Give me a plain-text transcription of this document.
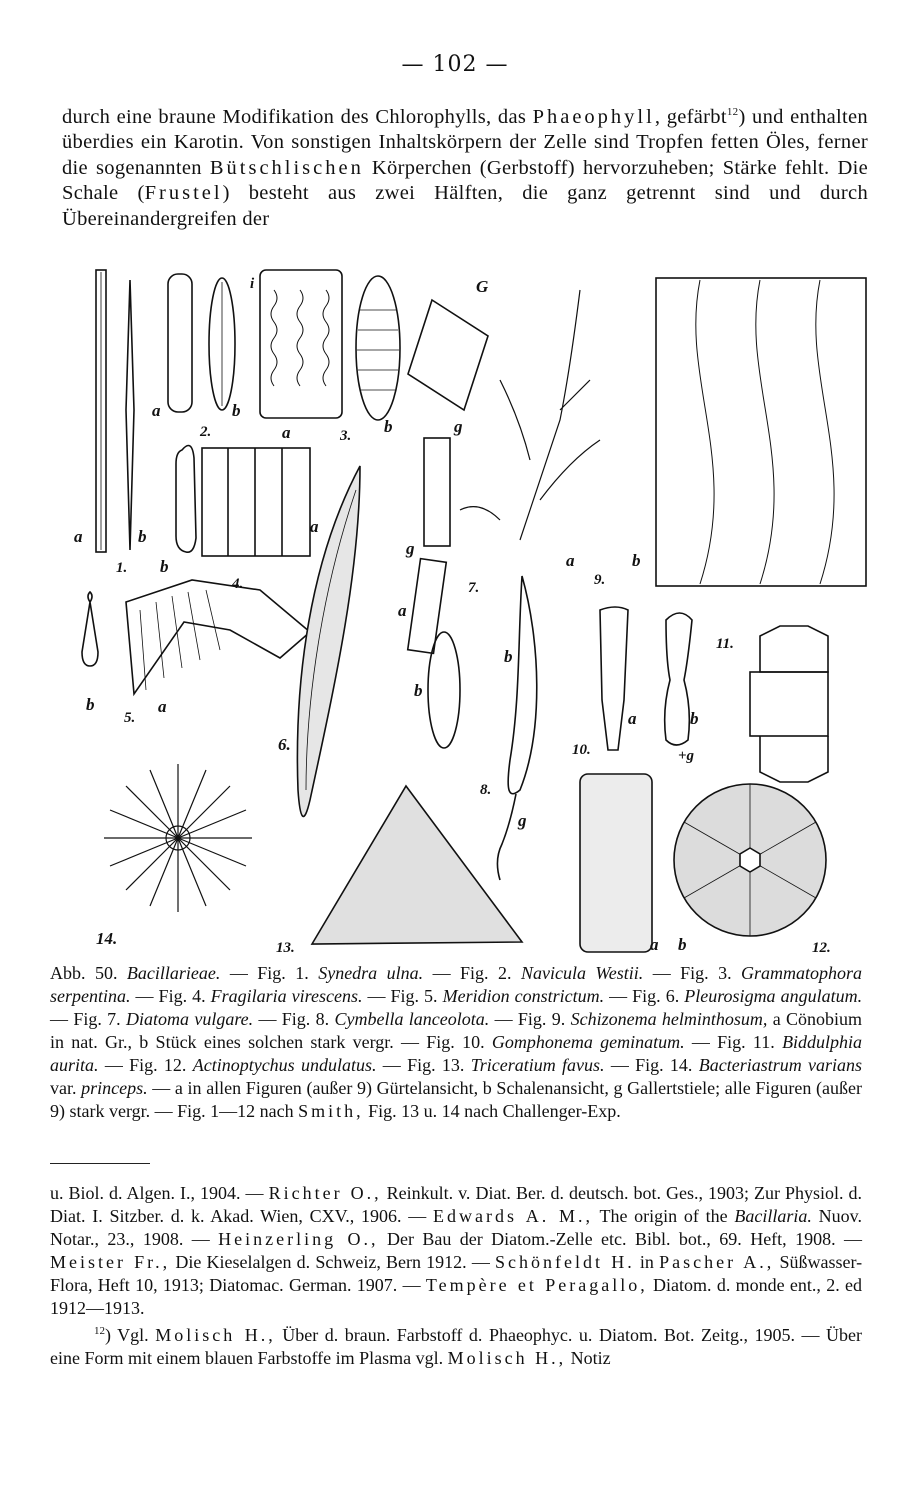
— 102 —
durch eine braune Modifikation des Chlorophylls, das Phaeophyll, gefärbt$^{12}$) und enthalten überdies ein Karotin. Von sonstigen Inhaltskörpern der Zelle sind Tropfen fetten Öles, ferner die sogenannten Bütschlischen Körperchen (Gerbstoff) hervorzuheben; Stärke fehlt. Die Schale (Frustel) besteht aus zwei Hälften, die ganz getrennt sind und durch Übereinandergreifen der
1.
a	b
2.
a	b
3.
a	b
i
4.
b
a
5.
b	a
6.
7.
g
a
b
g
G
8.
b
g
9.
a	b
10.
a	b
+g
11.
12.
a b
13.
14.
Abb. 50. Bacillarieae. — Fig. 1. Synedra ulna. — Fig. 2. Navicula Westii. — Fig. 3. Grammatophora serpentina. — Fig. 4. Fragilaria virescens. — Fig. 5. Meridion constrictum. — Fig. 6. Pleurosigma angulatum. — Fig. 7. Diatoma vulgare. — Fig. 8. Cymbella lanceolota. — Fig. 9. Schizonema helminthosum, a Cönobium in nat. Gr., b Stück eines solchen stark vergr. — Fig. 10. Gomphonema geminatum. — Fig. 11. Biddulphia aurita. — Fig. 12. Actinoptychus undulatus. — Fig. 13. Triceratium favus. — Fig. 14. Bacteriastrum varians var. princeps. — a in allen Figuren (außer 9) Gürtelansicht, b Schalenansicht, g Gallertstiele; alle Figuren (außer 9) stark vergr. — Fig. 1—12 nach Smith, Fig. 13 u. 14 nach Challenger-Exp.

u. Biol. d. Algen. I., 1904. — Richter O., Reinkult. v. Diat. Ber. d. deutsch. bot. Ges., 1903; Zur Physiol. d. Diat. I. Sitzber. d. k. Akad. Wien, CXV., 1906. — Edwards A. M., The origin of the Bacillaria. Nuov. Notar., 23., 1908. — Heinzerling O., Der Bau der Diatom.-Zelle etc. Bibl. bot., 69. Heft, 1908. — Meister Fr., Die Kieselalgen d. Schweiz, Bern 1912. — Schönfeldt H. in Pascher A., Süßwasser-Flora, Heft 10, 1913; Diatomac. German. 1907. — Tempère et Peragallo, Diatom. d. monde ent., 2. ed 1912—1913.

$^{12}$) Vgl. Molisch H., Über d. braun. Farbstoff d. Phaeophyc. u. Diatom. Bot. Zeitg., 1905. — Über eine Form mit einem blauen Farbstoffe im Plasma vgl. Molisch H., Notiz
